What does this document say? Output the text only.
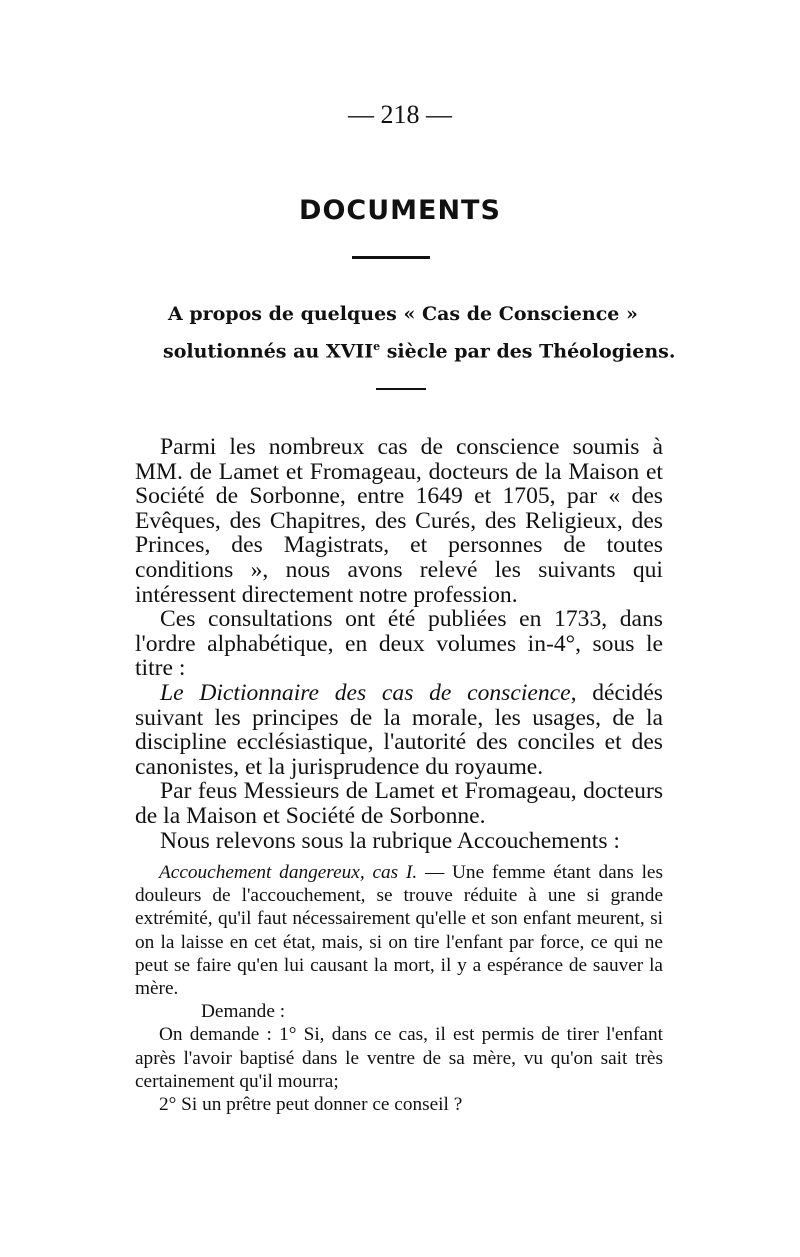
— 218 —
DOCUMENTS
A propos de quelques « Cas de Conscience »
solutionnés au XVIIe siècle par des Théologiens.

Parmi les nombreux cas de conscience soumis à MM. de Lamet et Fromageau, docteurs de la Maison et Société de Sorbonne, entre 1649 et 1705, par « des Evêques, des Chapitres, des Curés, des Religieux, des Princes, des Magistrats, et personnes de toutes conditions », nous avons relevé les suivants qui intéressent directement notre profession.

Ces consultations ont été publiées en 1733, dans l'ordre alphabétique, en deux volumes in-4°, sous le titre :

Le Dictionnaire des cas de conscience, décidés suivant les principes de la morale, les usages, de la discipline ecclésiastique, l'autorité des conciles et des canonistes, et la jurisprudence du royaume.

Par feus Messieurs de Lamet et Fromageau, docteurs de la Maison et Société de Sorbonne.

Nous relevons sous la rubrique Accouchements :

Accouchement dangereux, cas I. — Une femme étant dans les douleurs de l'accouchement, se trouve réduite à une si grande extrémité, qu'il faut nécessairement qu'elle et son enfant meurent, si on la laisse en cet état, mais, si on tire l'enfant par force, ce qui ne peut se faire qu'en lui causant la mort, il y a espérance de sauver la mère.

Demande :

On demande : 1° Si, dans ce cas, il est permis de tirer l'enfant après l'avoir baptisé dans le ventre de sa mère, vu qu'on sait très certainement qu'il mourra;

2° Si un prêtre peut donner ce conseil ?
